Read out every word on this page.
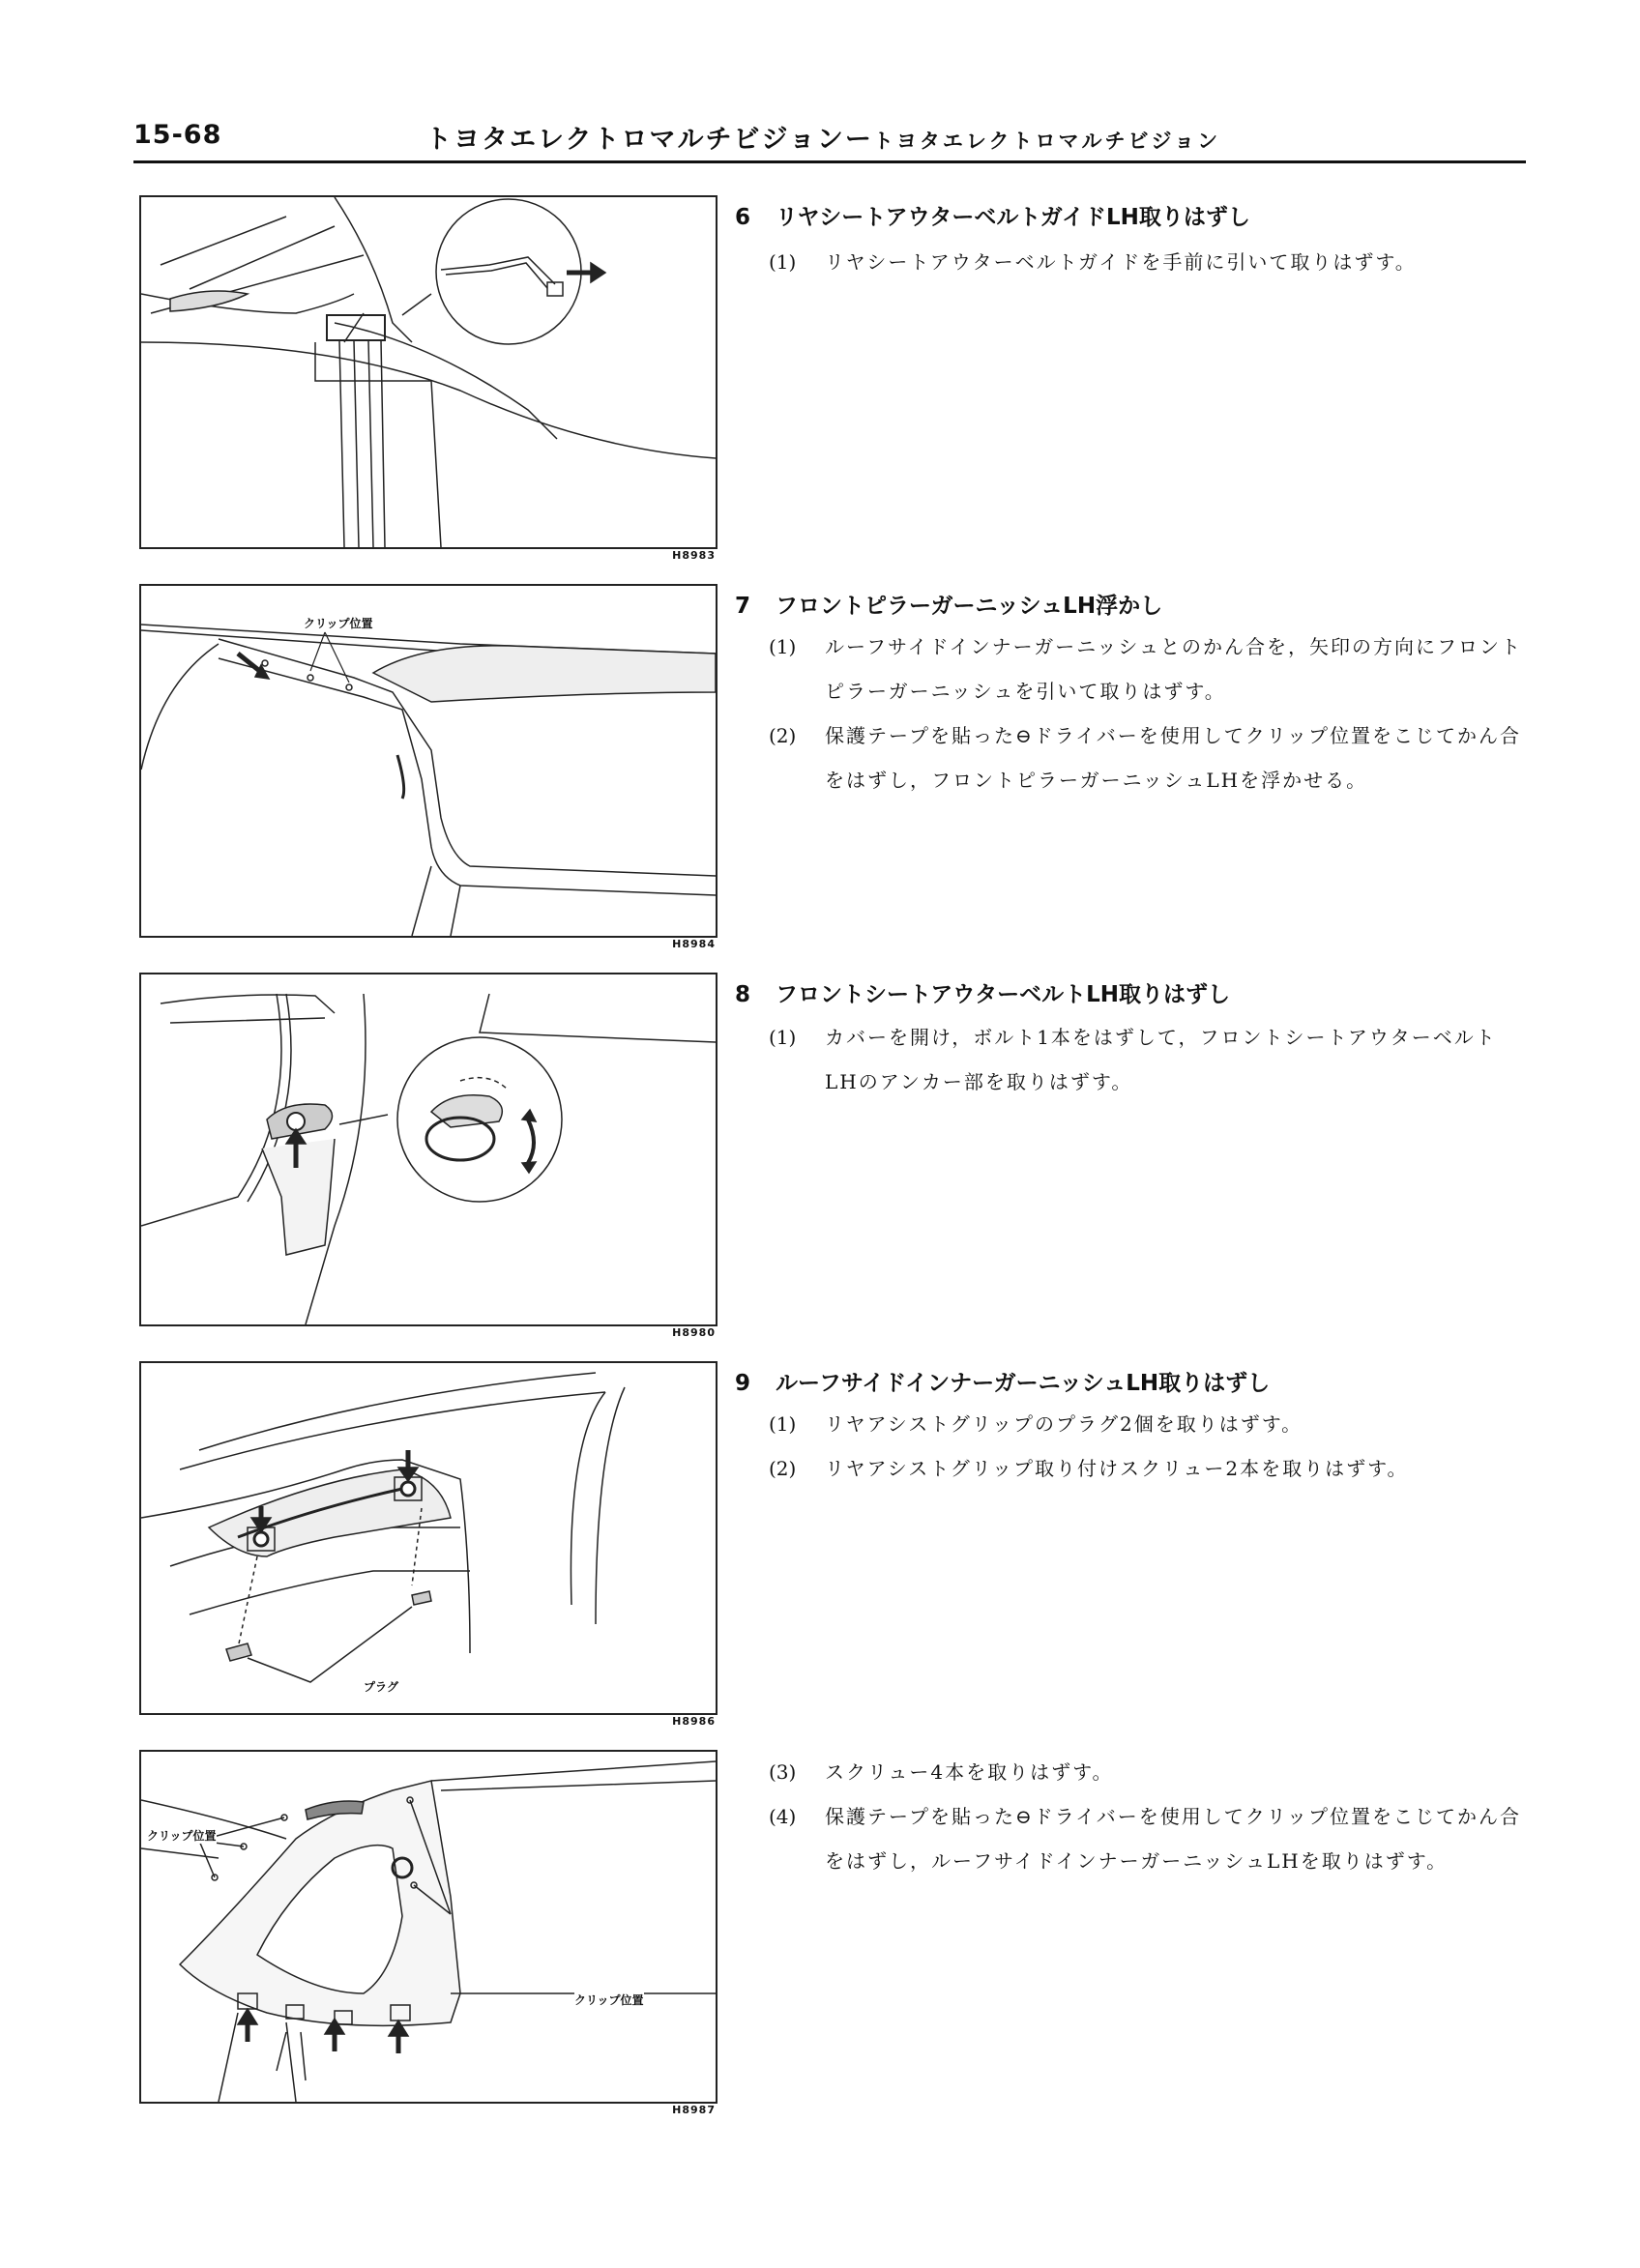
15-68	トヨタエレクトロマルチビジョンートヨタエレクトロマルチビジョン
H8983
クリップ位置
H8984
H8980
プラグ
H8986
クリップ位置
クリップ位置
H8987
6 リヤシートアウターベルトガイドLH取りはずし
(1)	リヤシートアウターベルトガイドを手前に引いて取りはずす。
7 フロントピラーガーニッシュLH浮かし
(1)	ルーフサイドインナーガーニッシュとのかん合を，矢印の方向にフロントピラーガーニッシュを引いて取りはずす。
(2)	保護テープを貼った⊖ドライバーを使用してクリップ位置をこじてかん合をはずし，フロントピラーガーニッシュLHを浮かせる。
8 フロントシートアウターベルトLH取りはずし
(1)	カバーを開け，ボルト1本をはずして，フロントシートアウターベルトLHのアンカー部を取りはずす。
9 ルーフサイドインナーガーニッシュLH取りはずし
(1)	リヤアシストグリップのプラグ2個を取りはずす。
(2)	リヤアシストグリップ取り付けスクリュー2本を取りはずす。
(3)	スクリュー4本を取りはずす。
(4)	保護テープを貼った⊖ドライバーを使用してクリップ位置をこじてかん合をはずし，ルーフサイドインナーガーニッシュLHを取りはずす。
